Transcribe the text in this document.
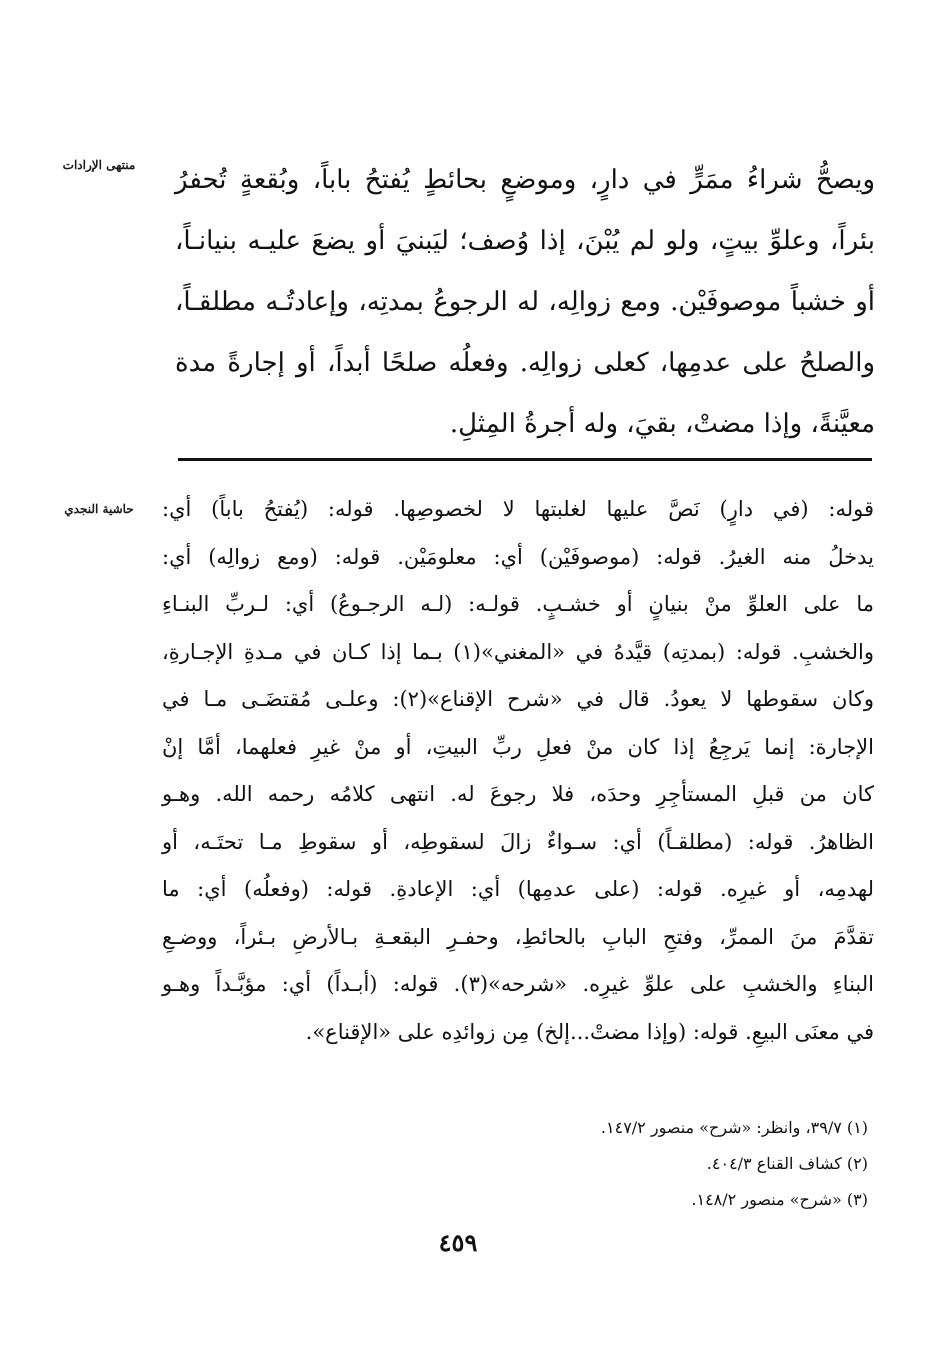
منتهى الإرادات	ويصحُّ شراءُ ممَرٍّ في دارٍ، وموضعٍ بحائطٍ يُفتحُ باباً، وبُقعةٍ تُحفرُ
بئراً، وعلوِّ بيتٍ، ولو لم يُبْنَ، إذا وُصف؛ ليَبنيَ أو يضعَ عليـه بنيانـاً،
أو خشباً موصوفَيْن. ومع زوالِه، له الرجوعُ بمدتِه، وإعادتُـه مطلقـاً،
والصلحُ على عدمِها، كعلى زوالِه. وفعلُه صلحًا أبداً، أو إجارةً مدة
معيَّنةً، وإذا مضتْ، بقيَ، وله أجرةُ المِثلِ.
حاشية النجدي	قوله: (في دارٍ) نَصَّ عليها لغلبتها لا لخصوصِها. قوله: (يُفتحُ باباً) أي:
يدخلُ منه الغيرُ. قوله: (موصوفَيْن) أي: معلومَيْن. قوله: (ومع زوالِه) أي:
ما على العلوِّ منْ بنيانٍ أو خشـبٍ. قولـه: (لـه الرجـوعُ) أي: لـربِّ البنـاءِ
والخشبِ. قوله: (بمدتِه) قيَّدهُ في «المغني»(١) بـما إذا كـان في مـدةِ الإجـارةِ،
وكان سقوطها لا يعودُ. قال في «شرح الإقناع»(٢): وعلـى مُقتضَـى مـا في
الإجارة: إنما يَرجِعُ إذا كان منْ فعلِ ربِّ البيتِ، أو منْ غيرِ فعلهما، أمَّا إنْ
كان من قبلِ المستأجِرِ وحدَه، فلا رجوعَ له. انتهى كلامُه رحمه الله. وهـو
الظاهرُ. قوله: (مطلقـاً) أي: سـواءٌ زالَ لسقوطِه، أو سقوطِ مـا تحتَـه، أو
لهدمِه، أو غيرِه. قوله: (على عدمِها) أي: الإعادةِ. قوله: (وفعلُه) أي: ما
تقدَّمَ منَ الممرِّ، وفتحِ البابِ بالحائطِ، وحفـرِ البقعـةِ بـالأرضِ بـئراً، ووضـعِ
البناءِ والخشبِ على علوِّ غيرِه. «شرحه»(٣). قوله: (أبـداً) أي: مؤبَّـداً وهـو
في معنَى البيعِ. قوله: (وإذا مضتْ...إلخ) مِن زوائدِه على «الإقناع».
(١) ٣٩/٧، وانظر: «شرح» منصور ١٤٧/٢.
(٢) كشاف القناع ٤٠٤/٣.
(٣) «شرح» منصور ١٤٨/٢.
٤٥٩
